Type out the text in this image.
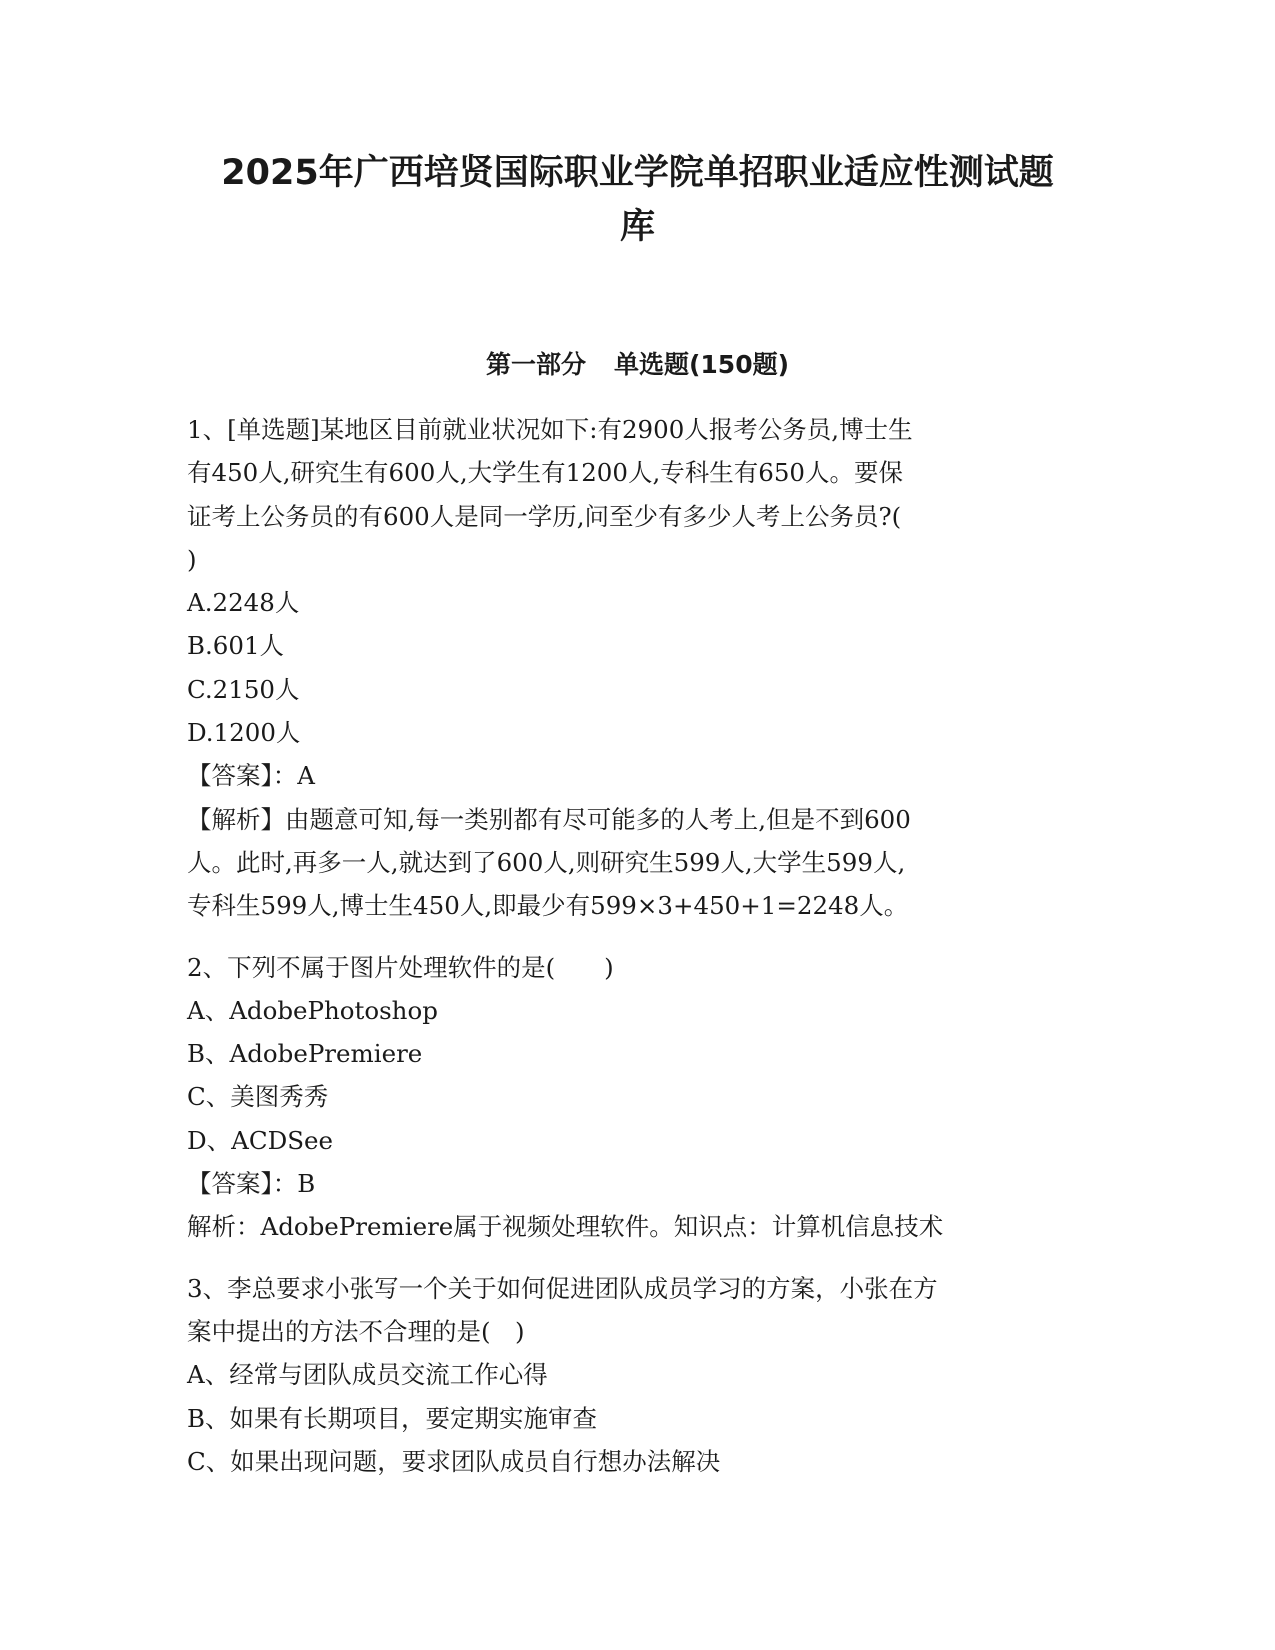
2025年广西培贤国际职业学院单招职业适应性测试题
库
第一部分 单选题(150题)
1、[单选题]某地区目前就业状况如下:有2900人报考公务员,博士生
有450人,研究生有600人,大学生有1200人,专科生有650人。要保
证考上公务员的有600人是同一学历,问至少有多少人考上公务员?(
)
A.2248人
B.601人
C.2150人
D.1200人
【答案】：A
【解析】由题意可知,每一类别都有尽可能多的人考上,但是不到600
人。此时,再多一人,就达到了600人,则研究生599人,大学生599人,
专科生599人,博士生450人,即最少有599×3+450+1=2248人。
2、下列不属于图片处理软件的是(　　)
A、AdobePhotoshop
B、AdobePremiere
C、美图秀秀
D、ACDSee
【答案】：B
解析：AdobePremiere属于视频处理软件。知识点：计算机信息技术
3、李总要求小张写一个关于如何促进团队成员学习的方案，小张在方
案中提出的方法不合理的是(　)
A、经常与团队成员交流工作心得
B、如果有长期项目，要定期实施审查
C、如果出现问题，要求团队成员自行想办法解决
